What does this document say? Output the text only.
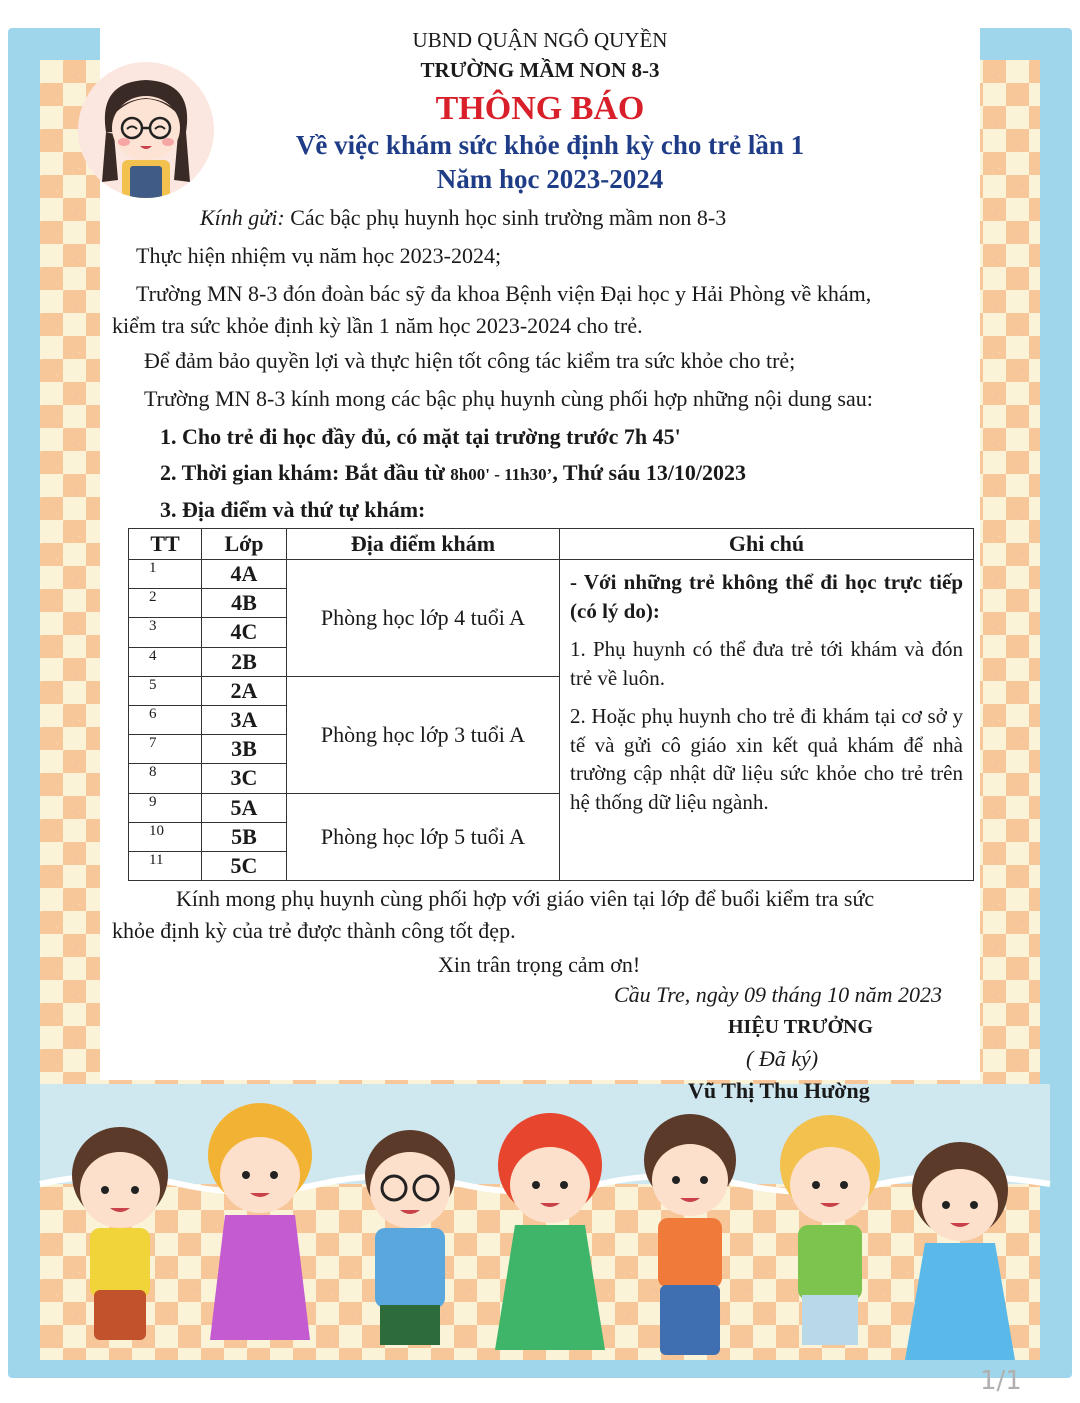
UBND QUẬN NGÔ QUYỀN
TRƯỜNG MẦM NON 8-3
THÔNG BÁO
Về việc khám sức khỏe định kỳ cho trẻ lần 1
Năm học 2023-2024
Kính gửi: Các bậc phụ huynh học sinh trường mầm non 8-3
Thực hiện nhiệm vụ năm học 2023-2024;
Trường MN 8-3 đón đoàn bác sỹ đa khoa Bệnh viện Đại học y Hải Phòng về khám,
kiểm tra sức khỏe định kỳ lần 1 năm học 2023-2024 cho trẻ.
Để đảm bảo quyền lợi và thực hiện tốt công tác kiểm tra sức khỏe cho trẻ;
Trường MN 8-3 kính mong các bậc phụ huynh cùng phối hợp những nội dung sau:
1. Cho trẻ đi học đầy đủ, có mặt tại trường trước 7h 45'
2. Thời gian khám: Bắt đầu từ 8h00' - 11h30’, Thứ sáu 13/10/2023
3. Địa điểm và thứ tự khám:
TT	Lớp	Địa điểm khám	Ghi chú
1	4A	Phòng học lớp 4 tuổi A	- Với những trẻ không thể đi học trực tiếp (có lý do):
1. Phụ huynh có thể đưa trẻ tới khám và đón trẻ về luôn.
2. Hoặc phụ huynh cho trẻ đi khám tại cơ sở y tế và gửi cô giáo xin kết quả khám để nhà trường cập nhật dữ liệu sức khỏe cho trẻ trên hệ thống dữ liệu ngành.

2	4B		
3	4C		
4	2B		
5	2A	Phòng học lớp 3 tuổi A	
6	3A		
7	3B		
8	3C		
9	5A	Phòng học lớp 5 tuổi A	
10	5B		
11	5C		
Kính mong phụ huynh cùng phối hợp với giáo viên tại lớp để buổi kiểm tra sức
khỏe định kỳ của trẻ được thành công tốt đẹp.
Xin trân trọng cảm ơn!
Cầu Tre, ngày 09 tháng 10 năm 2023
HIỆU TRƯỞNG
( Đã ký)
Vũ Thị Thu Hường
1/1
